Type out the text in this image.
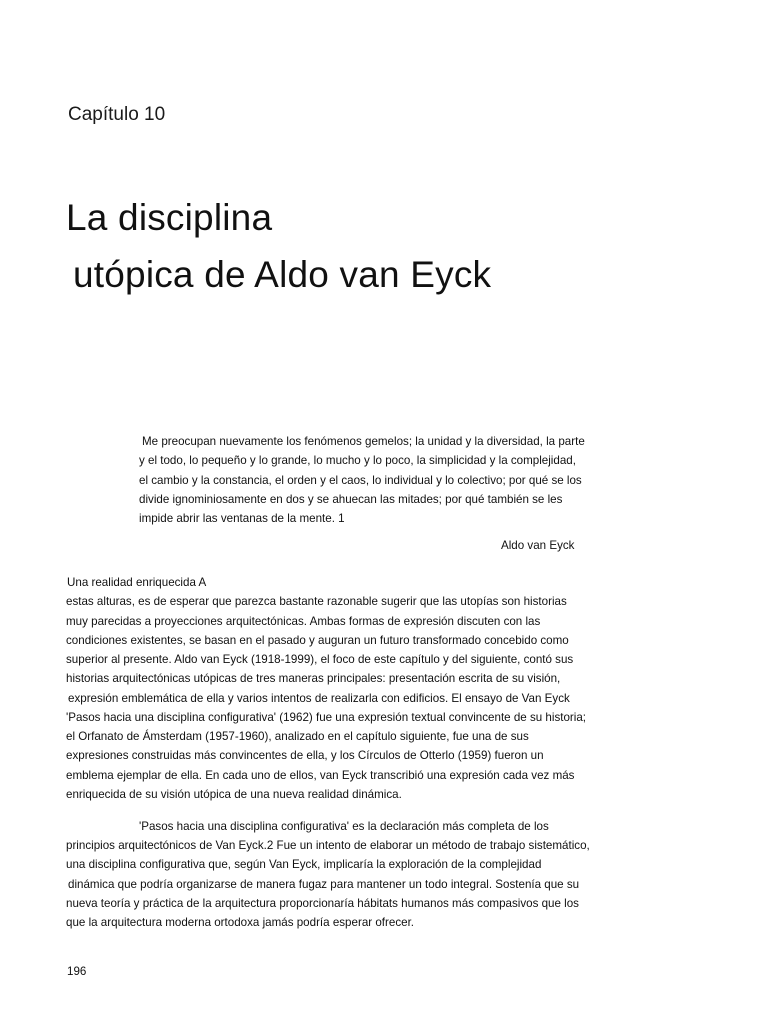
Capítulo 10
La disciplina
utópica de Aldo van Eyck
Me preocupan nuevamente los fenómenos gemelos; la unidad y la diversidad, la parte
y el todo, lo pequeño y lo grande, lo mucho y lo poco, la simplicidad y la complejidad,
el cambio y la constancia, el orden y el caos, lo individual y lo colectivo; por qué se los
divide ignominiosamente en dos y se ahuecan las mitades; por qué también se les
impide abrir las ventanas de la mente. 1
Aldo van Eyck
Una realidad enriquecida A
estas alturas, es de esperar que parezca bastante razonable sugerir que las utopías son historias
muy parecidas a proyecciones arquitectónicas. Ambas formas de expresión discuten con las
condiciones existentes, se basan en el pasado y auguran un futuro transformado concebido como
superior al presente. Aldo van Eyck (1918-1999), el foco de este capítulo y del siguiente, contó sus
historias arquitectónicas utópicas de tres maneras principales: presentación escrita de su visión,
expresión emblemática de ella y varios intentos de realizarla con edificios. El ensayo de Van Eyck
'Pasos hacia una disciplina configurativa' (1962) fue una expresión textual convincente de su historia;
el Orfanato de Ámsterdam (1957-1960), analizado en el capítulo siguiente, fue una de sus
expresiones construidas más convincentes de ella, y los Círculos de Otterlo (1959) fueron un
emblema ejemplar de ella. En cada uno de ellos, van Eyck transcribió una expresión cada vez más
enriquecida de su visión utópica de una nueva realidad dinámica.
'Pasos hacia una disciplina configurativa' es la declaración más completa de los
principios arquitectónicos de Van Eyck.2 Fue un intento de elaborar un método de trabajo sistemático,
una disciplina configurativa que, según Van Eyck, implicaría la exploración de la complejidad
dinámica que podría organizarse de manera fugaz para mantener un todo integral. Sostenía que su
nueva teoría y práctica de la arquitectura proporcionaría hábitats humanos más compasivos que los
que la arquitectura moderna ortodoxa jamás podría esperar ofrecer.
196
